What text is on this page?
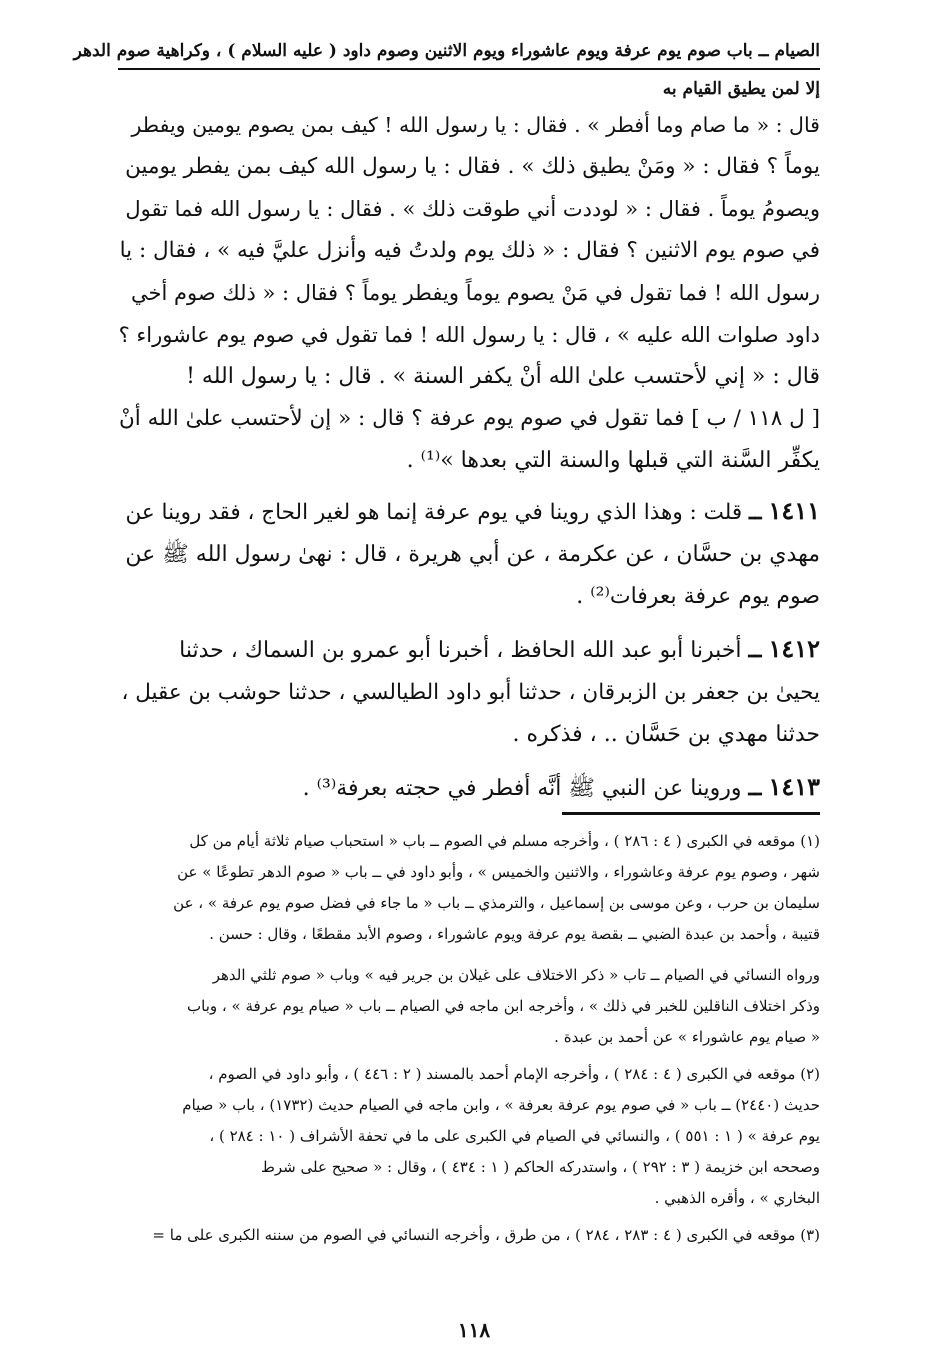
الصيام ــ باب صوم يوم عرفة ويوم عاشوراء ويوم الاثنين وصوم داود ( عليه السلام ) ، وكراهية صوم الدهر
إلا لمن يطيق القيام به

قال : « ما صام وما أفطر » . فقال : يا رسول الله ! كيف بمن يصوم يومين ويفطر
يوماً ؟ فقال : « ومَنْ يطيق ذلك » . فقال : يا رسول الله كيف بمن يفطر يومين
ويصومُ يوماً . فقال : « لوددت أني طوقت ذلك » . فقال : يا رسول الله فما تقول
في صوم يوم الاثنين ؟ فقال : « ذلك يوم ولدتُ فيه وأنزل عليَّ فيه » ، فقال : يا
رسول الله ! فما تقول في مَنْ يصوم يوماً ويفطر يوماً ؟ فقال : « ذلك صوم أخي
داود صلوات الله عليه » ، قال : يا رسول الله ! فما تقول في صوم يوم عاشوراء ؟
قال : « إني لأحتسب علىٰ الله أنْ يكفر السنة » . قال : يا رسول الله !
[ ل ١١٨ / ب ] فما تقول في صوم يوم عرفة ؟ قال : « إن لأحتسب علىٰ الله أنْ
يكفِّر السَّنة التي قبلها والسنة التي بعدها »⁽¹⁾ .

١٤١١ ــ قلت : وهذا الذي روينا في يوم عرفة إنما هو لغير الحاج ، فقد روينا عن
مهدي بن حسَّان ، عن عكرمة ، عن أبي هريرة ، قال : نهىٰ رسول الله ﷺ عن
صوم يوم عرفة بعرفات⁽²⁾ .

١٤١٢ ــ أخبرنا أبو عبد الله الحافظ ، أخبرنا أبو عمرو بن السماك ، حدثنا
يحيىٰ بن جعفر بن الزبرقان ، حدثنا أبو داود الطيالسي ، حدثنا حوشب بن عقيل ،
حدثنا مهدي بن حَسَّان .. ، فذكره .

١٤١٣ ــ وروينا عن النبي ﷺ أنَّه أفطر في حجته بعرفة⁽³⁾ .

(١) موقعه في الكبرى ( ٤ : ٢٨٦ ) ، وأخرجه مسلم في الصوم ــ باب « استحباب صيام ثلاثة أيام من كل
شهر ، وصوم يوم عرفة وعاشوراء ، والاثنين والخميس » ، وأبو داود في ــ باب « صوم الدهر تطوعًا » عن
سليمان بن حرب ، وعن موسى بن إسماعيل ، والترمذي ــ باب « ما جاء في فضل صوم يوم عرفة » ، عن
قتيبة ، وأحمد بن عبدة الضبي ــ بقصة يوم عرفة ويوم عاشوراء ، وصوم الأبد مقطعًا ، وقال : حسن .

ورواه النسائي في الصيام ــ تاب « ذكر الاختلاف على غيلان بن جرير فيه » وباب « صوم ثلثي الدهر
وذكر اختلاف الناقلين للخبر في ذلك » ، وأخرجه ابن ماجه في الصيام ــ باب « صيام يوم عرفة » ، وباب
« صيام يوم عاشوراء » عن أحمد بن عبدة .

(٢) موقعه في الكبرى ( ٤ : ٢٨٤ ) ، وأخرجه الإمام أحمد بالمسند ( ٢ : ٤٤٦ ) ، وأبو داود في الصوم ،
حديث (٢٤٤٠) ــ باب « في صوم يوم عرفة بعرفة » ، وابن ماجه في الصيام حديث (١٧٣٢) ، باب « صيام
يوم عرفة » ( ١ : ٥٥١ ) ، والنسائي في الصيام في الكبرى على ما في تحفة الأشراف ( ١٠ : ٢٨٤ ) ،
وصححه ابن خزيمة ( ٣ : ٢٩٢ ) ، واستدركه الحاكم ( ١ : ٤٣٤ ) ، وقال : « صحيح على شرط
البخاري » ، وأقره الذهبي .

(٣) موقعه في الكبرى ( ٤ : ٢٨٣ ، ٢٨٤ ) ، من طرق ، وأخرجه النسائي في الصوم من سننه الكبرى على ما =

١١٨
